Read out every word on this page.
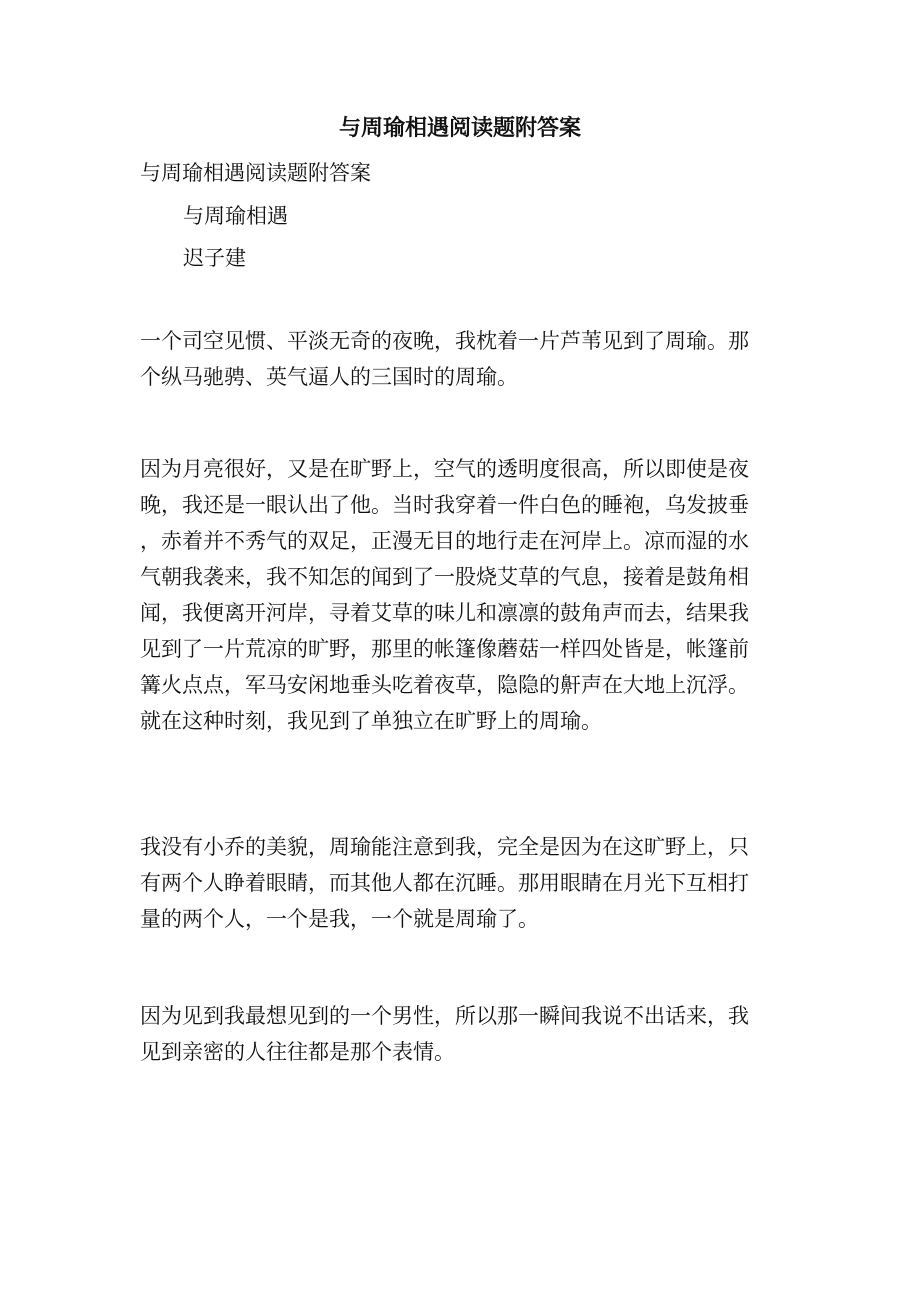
与周瑜相遇阅读题附答案
与周瑜相遇阅读题附答案
与周瑜相遇
迟子建
一个司空见惯、平淡无奇的夜晚，我枕着一片芦苇见到了周瑜。那
个纵马驰骋、英气逼人的三国时的周瑜。
因为月亮很好，又是在旷野上，空气的透明度很高，所以即使是夜
晚，我还是一眼认出了他。当时我穿着一件白色的睡袍，乌发披垂
，赤着并不秀气的双足，正漫无目的地行走在河岸上。凉而湿的水
气朝我袭来，我不知怎的闻到了一股烧艾草的气息，接着是鼓角相
闻，我便离开河岸，寻着艾草的味儿和凛凛的鼓角声而去，结果我
见到了一片荒凉的旷野，那里的帐篷像蘑菇一样四处皆是，帐篷前
篝火点点，军马安闲地垂头吃着夜草，隐隐的鼾声在大地上沉浮。
就在这种时刻，我见到了单独立在旷野上的周瑜。
我没有小乔的美貌，周瑜能注意到我，完全是因为在这旷野上，只
有两个人睁着眼睛，而其他人都在沉睡。那用眼睛在月光下互相打
量的两个人，一个是我，一个就是周瑜了。
因为见到我最想见到的一个男性，所以那一瞬间我说不出话来，我
见到亲密的人往往都是那个表情。
